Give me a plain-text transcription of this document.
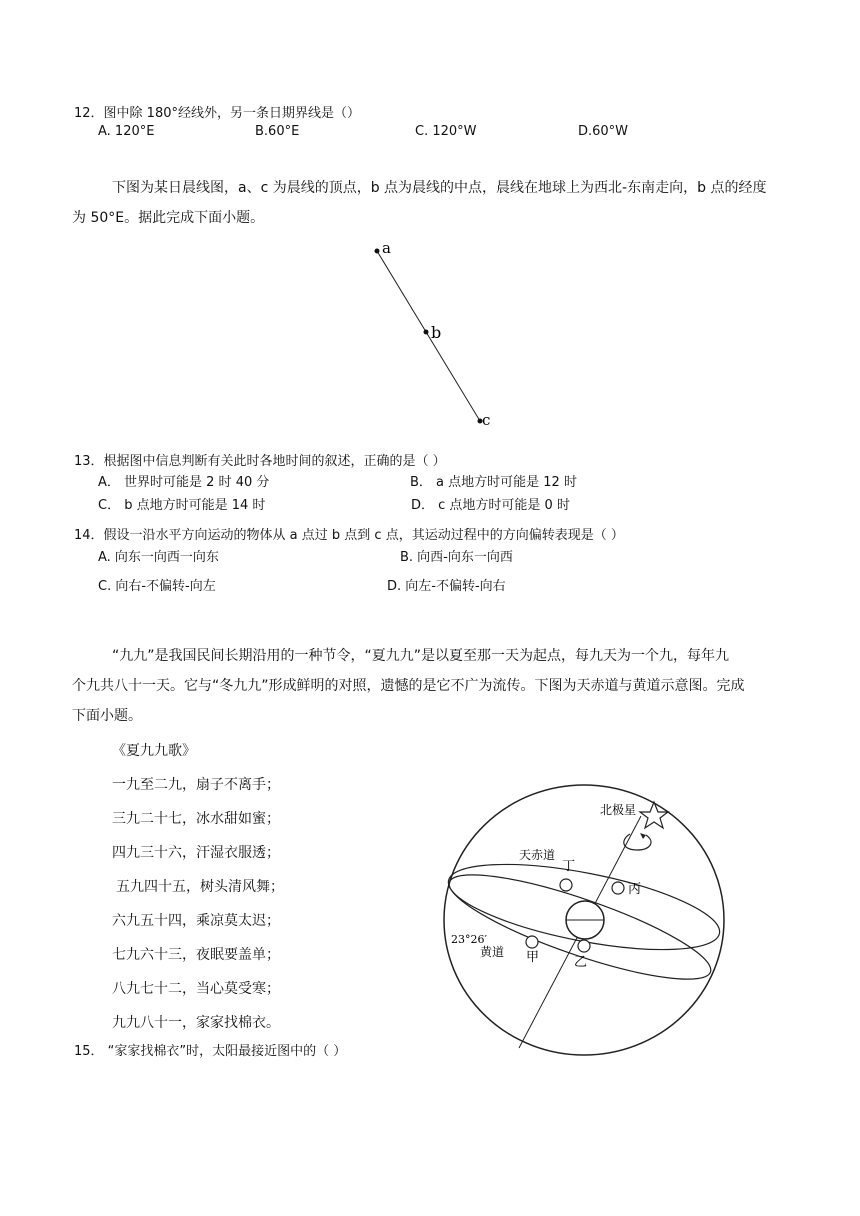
12．图中除 180°经线外，另一条日期界线是（）
A. 120°E	B.60°E	C. 120°W	D.60°W
下图为某日晨线图，a、c 为晨线的顶点，b 点为晨线的中点，晨线在地球上为西北-东南走向，b 点的经度
为 50°E。据此完成下面小题。
a
b
c
13．根据图中信息判断有关此时各地时间的叙述，正确的是（ ）
A． 世界时可能是 2 时 40 分	B． a 点地方时可能是 12 时
C． b 点地方时可能是 14 时	D． c 点地方时可能是 0 时
14．假设一沿水平方向运动的物体从 a 点过 b 点到 c 点，其运动过程中的方向偏转表现是（ ）
A. 向东一向西一向东	B. 向西-向东一向西
C. 向右-不偏转-向左	D. 向左-不偏转-向右
“九九”是我国民间长期沿用的一种节令，“夏九九”是以夏至那一天为起点，每九天为一个九，每年九
个九共八十一天。它与“冬九九”形成鲜明的对照，遗憾的是它不广为流传。下图为天赤道与黄道示意图。完成
下面小题。
《夏九九歌》
一九至二九，扇子不离手；
三九二十七，冰水甜如蜜；
四九三十六，汗湿衣服透；
五九四十五，树头清风舞；
六九五十四，乘凉莫太迟；
七九六十三，夜眠要盖单；
八九七十二，当心莫受寒；
九九八十一，家家找棉衣。
北极星
天赤道
丁
丙
23°26′
黄道 甲	乙
15． “家家找棉衣”时，太阳最接近图中的（ ）
